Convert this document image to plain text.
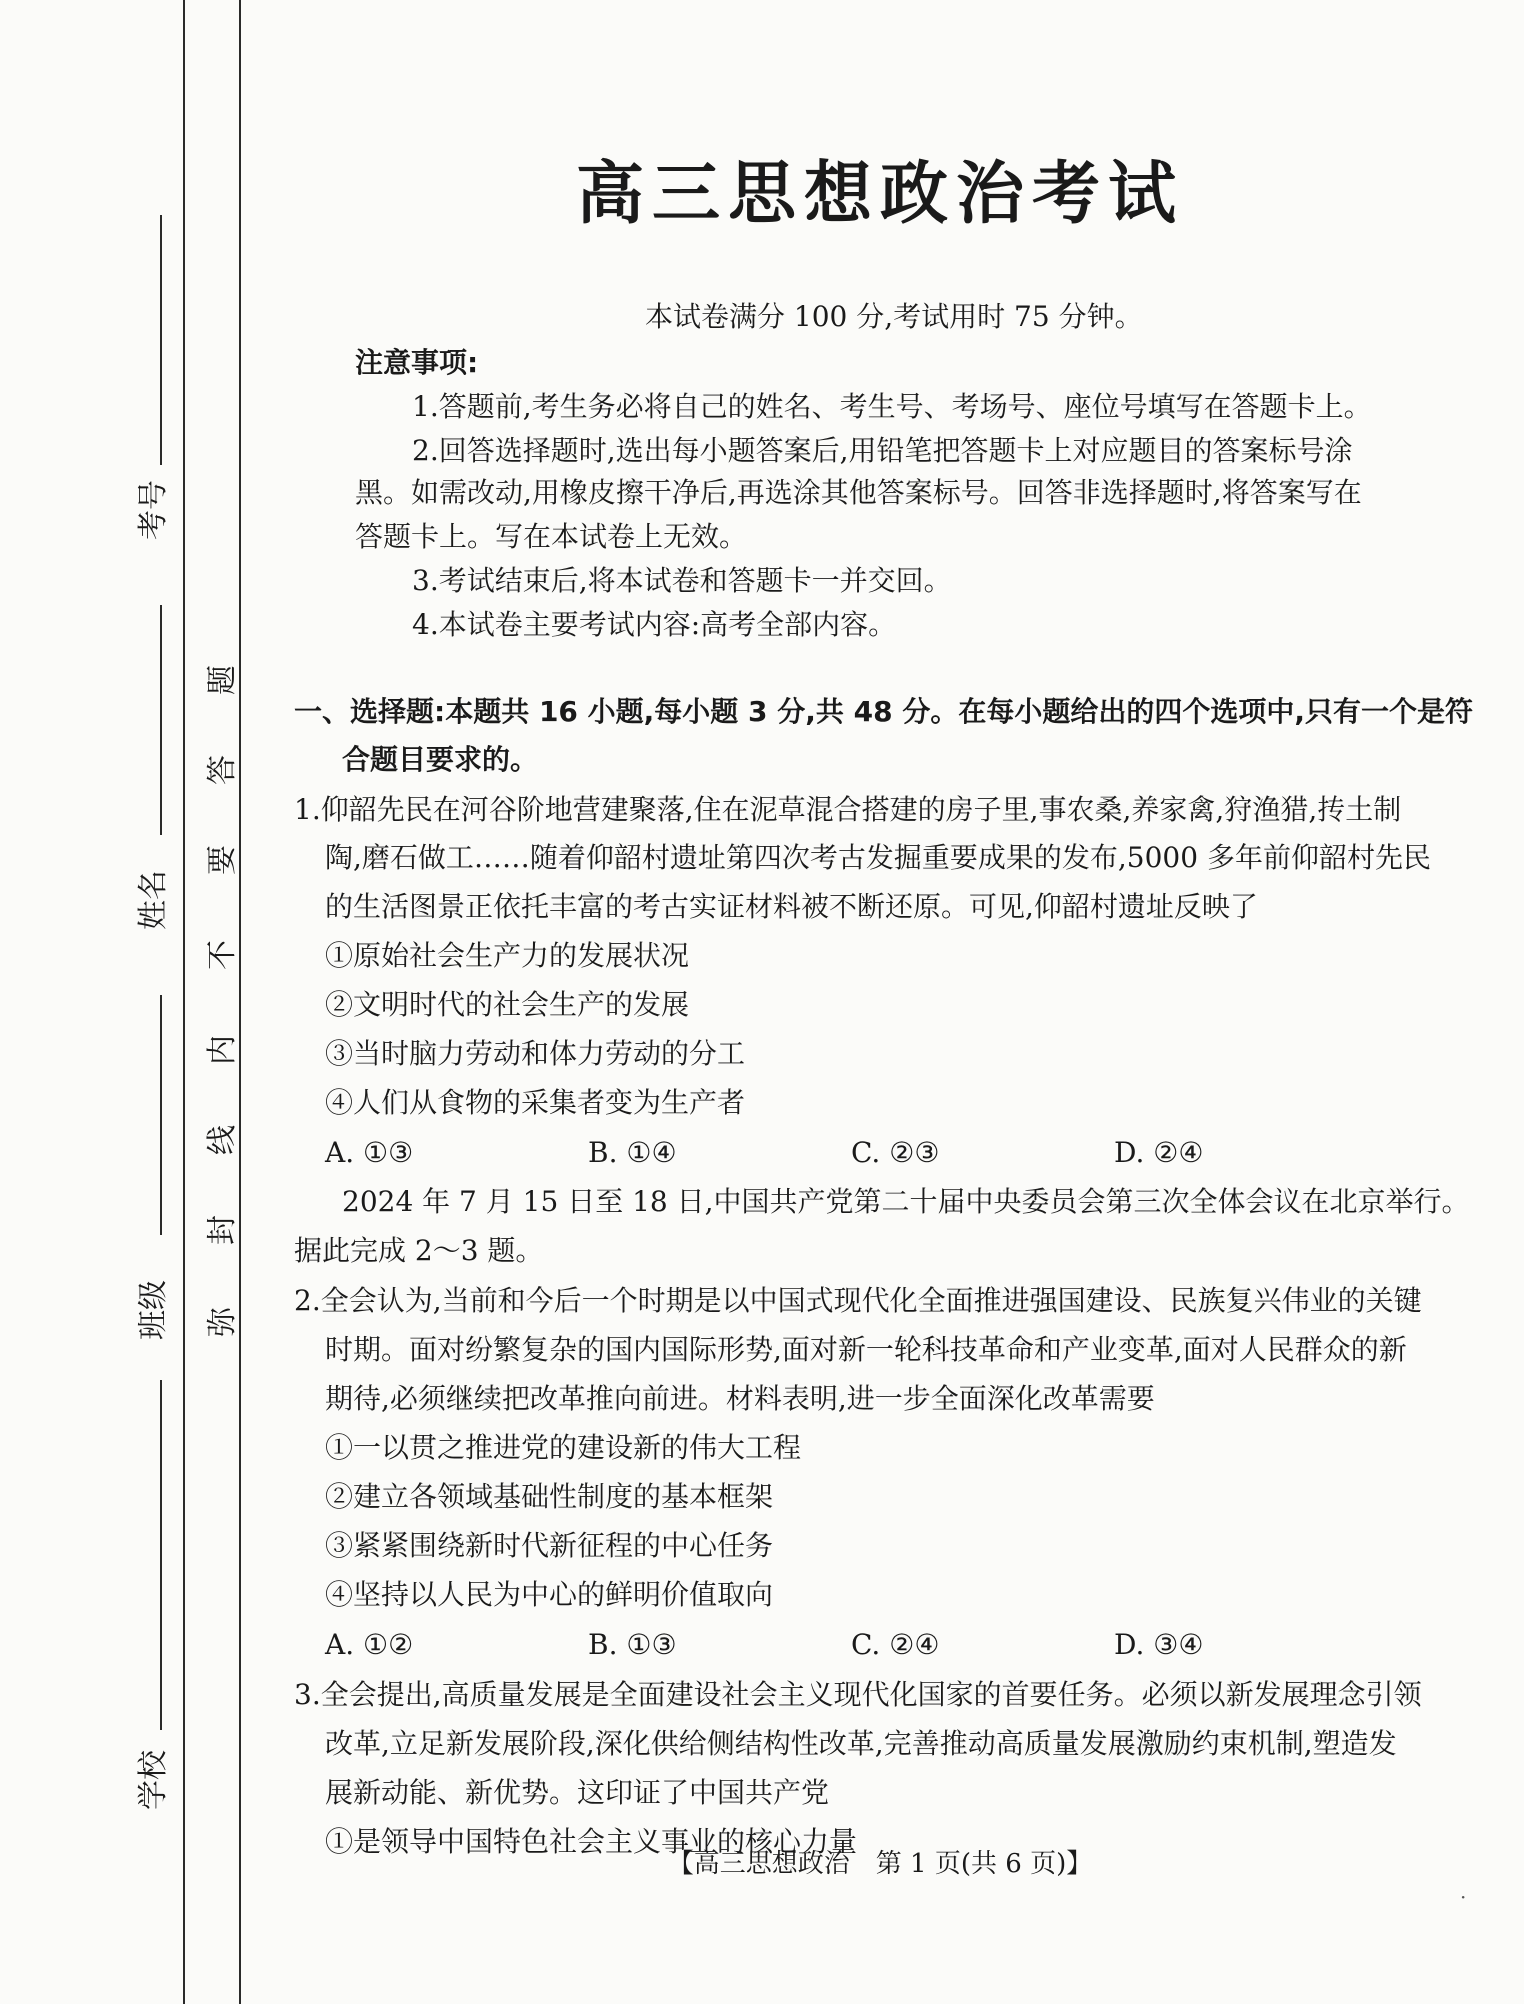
考号
姓名
班级
学校
题
答
要
不
内
线
封
弥
高三思想政治考试
本试卷满分 100 分,考试用时 75 分钟。
注意事项:
1.答题前,考生务必将自己的姓名、考生号、考场号、座位号填写在答题卡上。
2.回答选择题时,选出每小题答案后,用铅笔把答题卡上对应题目的答案标号涂
黑。如需改动,用橡皮擦干净后,再选涂其他答案标号。回答非选择题时,将答案写在
答题卡上。写在本试卷上无效。
3.考试结束后,将本试卷和答题卡一并交回。
4.本试卷主要考试内容:高考全部内容。
一、选择题:本题共 16 小题,每小题 3 分,共 48 分。在每小题给出的四个选项中,只有一个是符
合题目要求的。
1.仰韶先民在河谷阶地营建聚落,住在泥草混合搭建的房子里,事农桑,养家禽,狩渔猎,抟土制
陶,磨石做工……随着仰韶村遗址第四次考古发掘重要成果的发布,5000 多年前仰韶村先民
的生活图景正依托丰富的考古实证材料被不断还原。可见,仰韶村遗址反映了
①原始社会生产力的发展状况
②文明时代的社会生产的发展
③当时脑力劳动和体力劳动的分工
④人们从食物的采集者变为生产者
A. ①③	B. ①④	C. ②③	D. ②④
2024 年 7 月 15 日至 18 日,中国共产党第二十届中央委员会第三次全体会议在北京举行。
据此完成 2～3 题。
2.全会认为,当前和今后一个时期是以中国式现代化全面推进强国建设、民族复兴伟业的关键
时期。面对纷繁复杂的国内国际形势,面对新一轮科技革命和产业变革,面对人民群众的新
期待,必须继续把改革推向前进。材料表明,进一步全面深化改革需要
①一以贯之推进党的建设新的伟大工程
②建立各领域基础性制度的基本框架
③紧紧围绕新时代新征程的中心任务
④坚持以人民为中心的鲜明价值取向
A. ①②	B. ①③	C. ②④	D. ③④
3.全会提出,高质量发展是全面建设社会主义现代化国家的首要任务。必须以新发展理念引领
改革,立足新发展阶段,深化供给侧结构性改革,完善推动高质量发展激励约束机制,塑造发
展新动能、新优势。这印证了中国共产党
①是领导中国特色社会主义事业的核心力量
【高三思想政治　第 1 页(共 6 页)】
·
